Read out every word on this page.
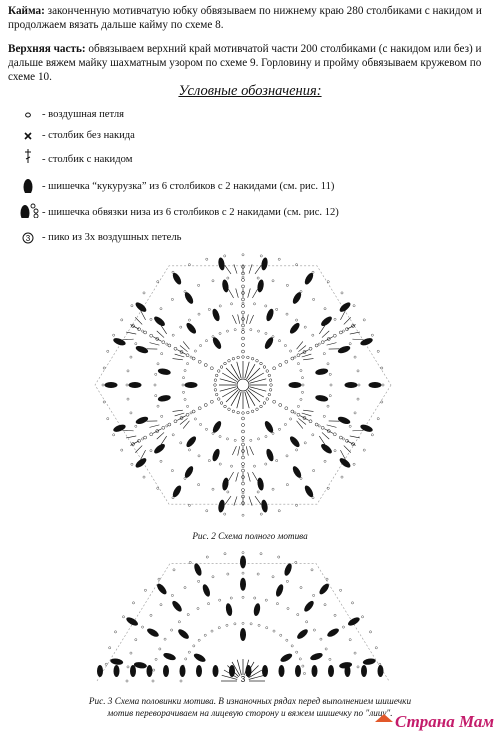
Кайма: законченную мотивчатую юбку обвязываем по нижнему краю 280 столбиками с накидом и продолжаем вязать дальше кайму по схеме 8.
Верхняя часть: обвязываем верхний край мотивчатой части 200 столбиками (с накидом или без) и дальше вяжем майку шахматным узором по схеме 9. Горловину и пройму обвязываем кружевом по схеме 10.
Условные обозначения:
- воздушная петля
- столбик без накида
- столбик с накидом
- шишечка “кукурузка” из 6 столбиков с 2 накидами (см. рис. 11)
- шишечка обвязки низа из 6 столбиков с 2 накидами (см. рис. 12)
3 - пико из 3х воздушных петель
Рис. 2 Схема полного мотива
3
Рис. 3 Схема половинки мотива. В изнаночных рядах перед выполнением шишечки
мотив переворачиваем на лицевую сторону и вяжем шишечку по "лицу". Страна Мам
